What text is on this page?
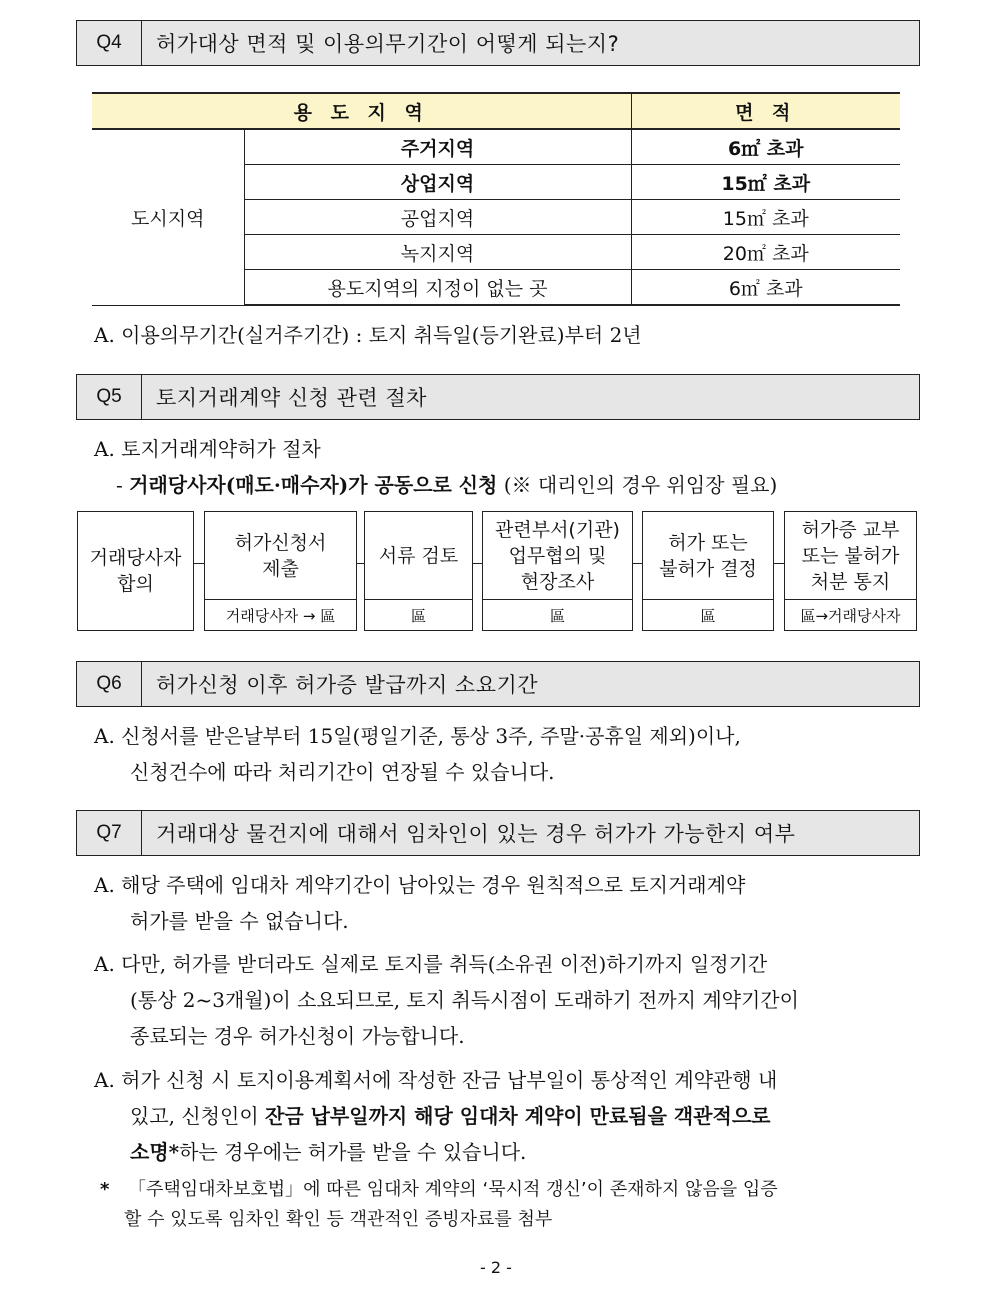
Q4	허가대상 면적 및 이용의무기간이 어떻게 되는지?
용 도 지 역		면 적
도시지역	주거지역	6㎡ 초과
	상업지역	15㎡ 초과
	공업지역	15㎡ 초과
	녹지지역	20㎡ 초과
	용도지역의 지정이 없는 곳	6㎡ 초과
A. 이용의무기간(실거주기간) : 토지 취득일(등기완료)부터 2년
Q5	토지거래계약 신청 관련 절차
A. 토지거래계약허가 절차
- 거래당사자(매도·매수자)가 공동으로 신청 (※ 대리인의 경우 위임장 필요)
거래당사자
합의
허가신청서
제출
거래당사자 → 區
서류 검토
區
관련부서(기관)
업무협의 및
현장조사
區
허가 또는
불허가 결정
區
허가증 교부
또는 불허가
처분 통지
區→거래당사자
Q6	허가신청 이후 허가증 발급까지 소요기간
A. 신청서를 받은날부터 15일(평일기준, 통상 3주, 주말·공휴일 제외)이나,
신청건수에 따라 처리기간이 연장될 수 있습니다.
Q7	거래대상 물건지에 대해서 임차인이 있는 경우 허가가 가능한지 여부
A. 해당 주택에 임대차 계약기간이 남아있는 경우 원칙적으로 토지거래계약
허가를 받을 수 없습니다.
A. 다만, 허가를 받더라도 실제로 토지를 취득(소유권 이전)하기까지 일정기간
(통상 2~3개월)이 소요되므로, 토지 취득시점이 도래하기 전까지 계약기간이
종료되는 경우 허가신청이 가능합니다.
A. 허가 신청 시 토지이용계획서에 작성한 잔금 납부일이 통상적인 계약관행 내
있고, 신청인이 잔금 납부일까지 해당 임대차 계약이 만료됨을 객관적으로
소명*하는 경우에는 허가를 받을 수 있습니다.
* 「주택임대차보호법」에 따른 임대차 계약의 ‘묵시적 갱신’이 존재하지 않음을 입증
할 수 있도록 임차인 확인 등 객관적인 증빙자료를 첨부
- 2 -
